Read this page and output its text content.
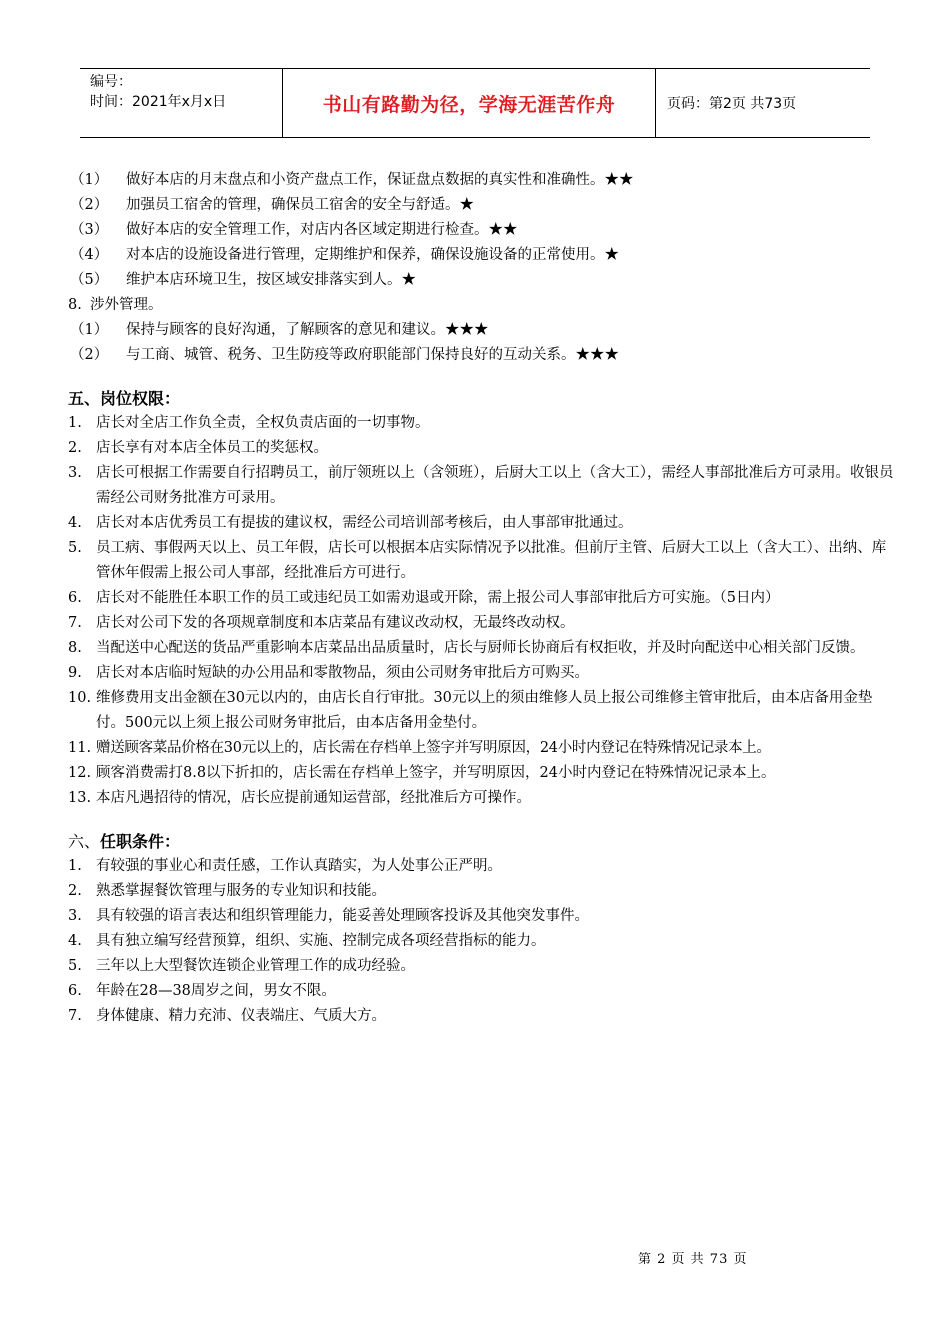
编号：
时间：2021年x月x日	书山有路勤为径，学海无涯苦作舟	页码：第2页 共73页
（1）	做好本店的月末盘点和小资产盘点工作，保证盘点数据的真实性和准确性。★★
（2）	加强员工宿舍的管理，确保员工宿舍的安全与舒适。★
（3）	做好本店的安全管理工作，对店内各区域定期进行检查。★★
（4）	对本店的设施设备进行管理，定期维护和保养，确保设施设备的正常使用。★
（5）	维护本店环境卫生，按区域安排落实到人。★
8. 涉外管理。
（1）	保持与顾客的良好沟通，了解顾客的意见和建议。★★★
（2）	与工商、城管、税务、卫生防疫等政府职能部门保持良好的互动关系。★★★
五、岗位权限：
1. 店长对全店工作负全责，全权负责店面的一切事物。
2. 店长享有对本店全体员工的奖惩权。
3. 店长可根据工作需要自行招聘员工，前厅领班以上（含领班），后厨大工以上（含大工），需经人事部批准后方可录用。收银员需经公司财务批准方可录用。
4. 店长对本店优秀员工有提拔的建议权，需经公司培训部考核后，由人事部审批通过。
5. 员工病、事假两天以上、员工年假，店长可以根据本店实际情况予以批准。但前厅主管、后厨大工以上（含大工）、出纳、库管休年假需上报公司人事部，经批准后方可进行。
6. 店长对不能胜任本职工作的员工或违纪员工如需劝退或开除，需上报公司人事部审批后方可实施。（5日内）
7. 店长对公司下发的各项规章制度和本店菜品有建议改动权，无最终改动权。
8. 当配送中心配送的货品严重影响本店菜品出品质量时，店长与厨师长协商后有权拒收，并及时向配送中心相关部门反馈。
9. 店长对本店临时短缺的办公用品和零散物品，须由公司财务审批后方可购买。
10. 维修费用支出金额在30元以内的，由店长自行审批。30元以上的须由维修人员上报公司维修主管审批后，由本店备用金垫付。500元以上须上报公司财务审批后，由本店备用金垫付。
11. 赠送顾客菜品价格在30元以上的，店长需在存档单上签字并写明原因，24小时内登记在特殊情况记录本上。
12. 顾客消费需打8.8以下折扣的，店长需在存档单上签字，并写明原因，24小时内登记在特殊情况记录本上。
13. 本店凡遇招待的情况，店长应提前通知运营部，经批准后方可操作。
六、任职条件：
1. 有较强的事业心和责任感，工作认真踏实，为人处事公正严明。
2. 熟悉掌握餐饮管理与服务的专业知识和技能。
3. 具有较强的语言表达和组织管理能力，能妥善处理顾客投诉及其他突发事件。
4. 具有独立编写经营预算，组织、实施、控制完成各项经营指标的能力。
5. 三年以上大型餐饮连锁企业管理工作的成功经验。
6. 年龄在28—38周岁之间，男女不限。
7. 身体健康、精力充沛、仪表端庄、气质大方。
第 2 页 共 73 页
